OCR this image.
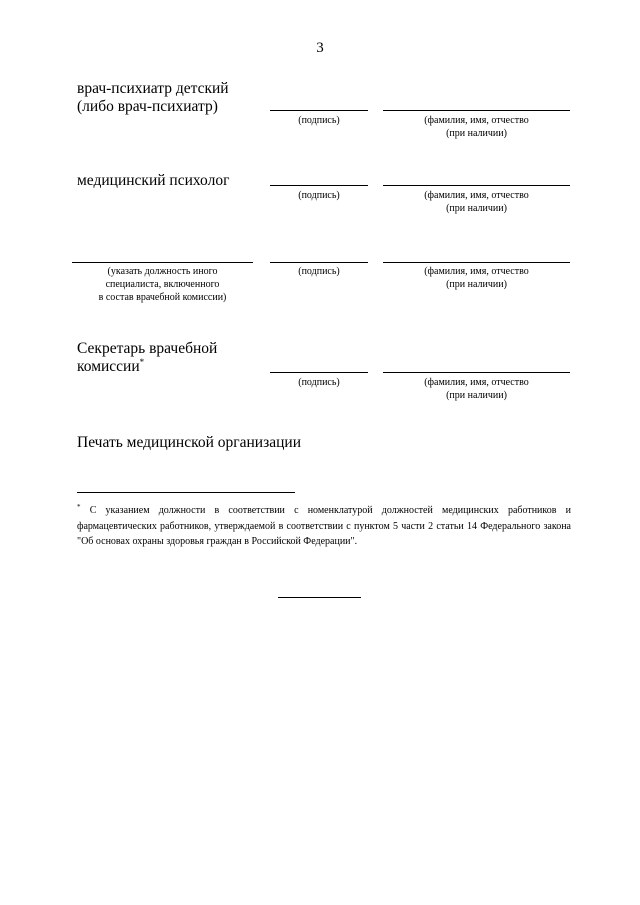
3
врач-психиатр детский
(либо врач-психиатр)
(подпись)	(фамилия, имя, отчество
(при наличии)
медицинский психолог
(подпись)	(фамилия, имя, отчество
(при наличии)
(указать должность иного
специалиста, включенного
в состав врачебной комиссии)
(подпись)	(фамилия, имя, отчество
(при наличии)
Секретарь врачебной
комиссии*
(подпись)	(фамилия, имя, отчество
(при наличии)
Печать медицинской организации
* С указанием должности в соответствии с номенклатурой должностей медицинских работников и фармацевтических работников, утверждаемой в соответствии с пунктом 5 части 2 статьи 14 Федерального закона "Об основах охраны здоровья граждан в Российской Федерации".
